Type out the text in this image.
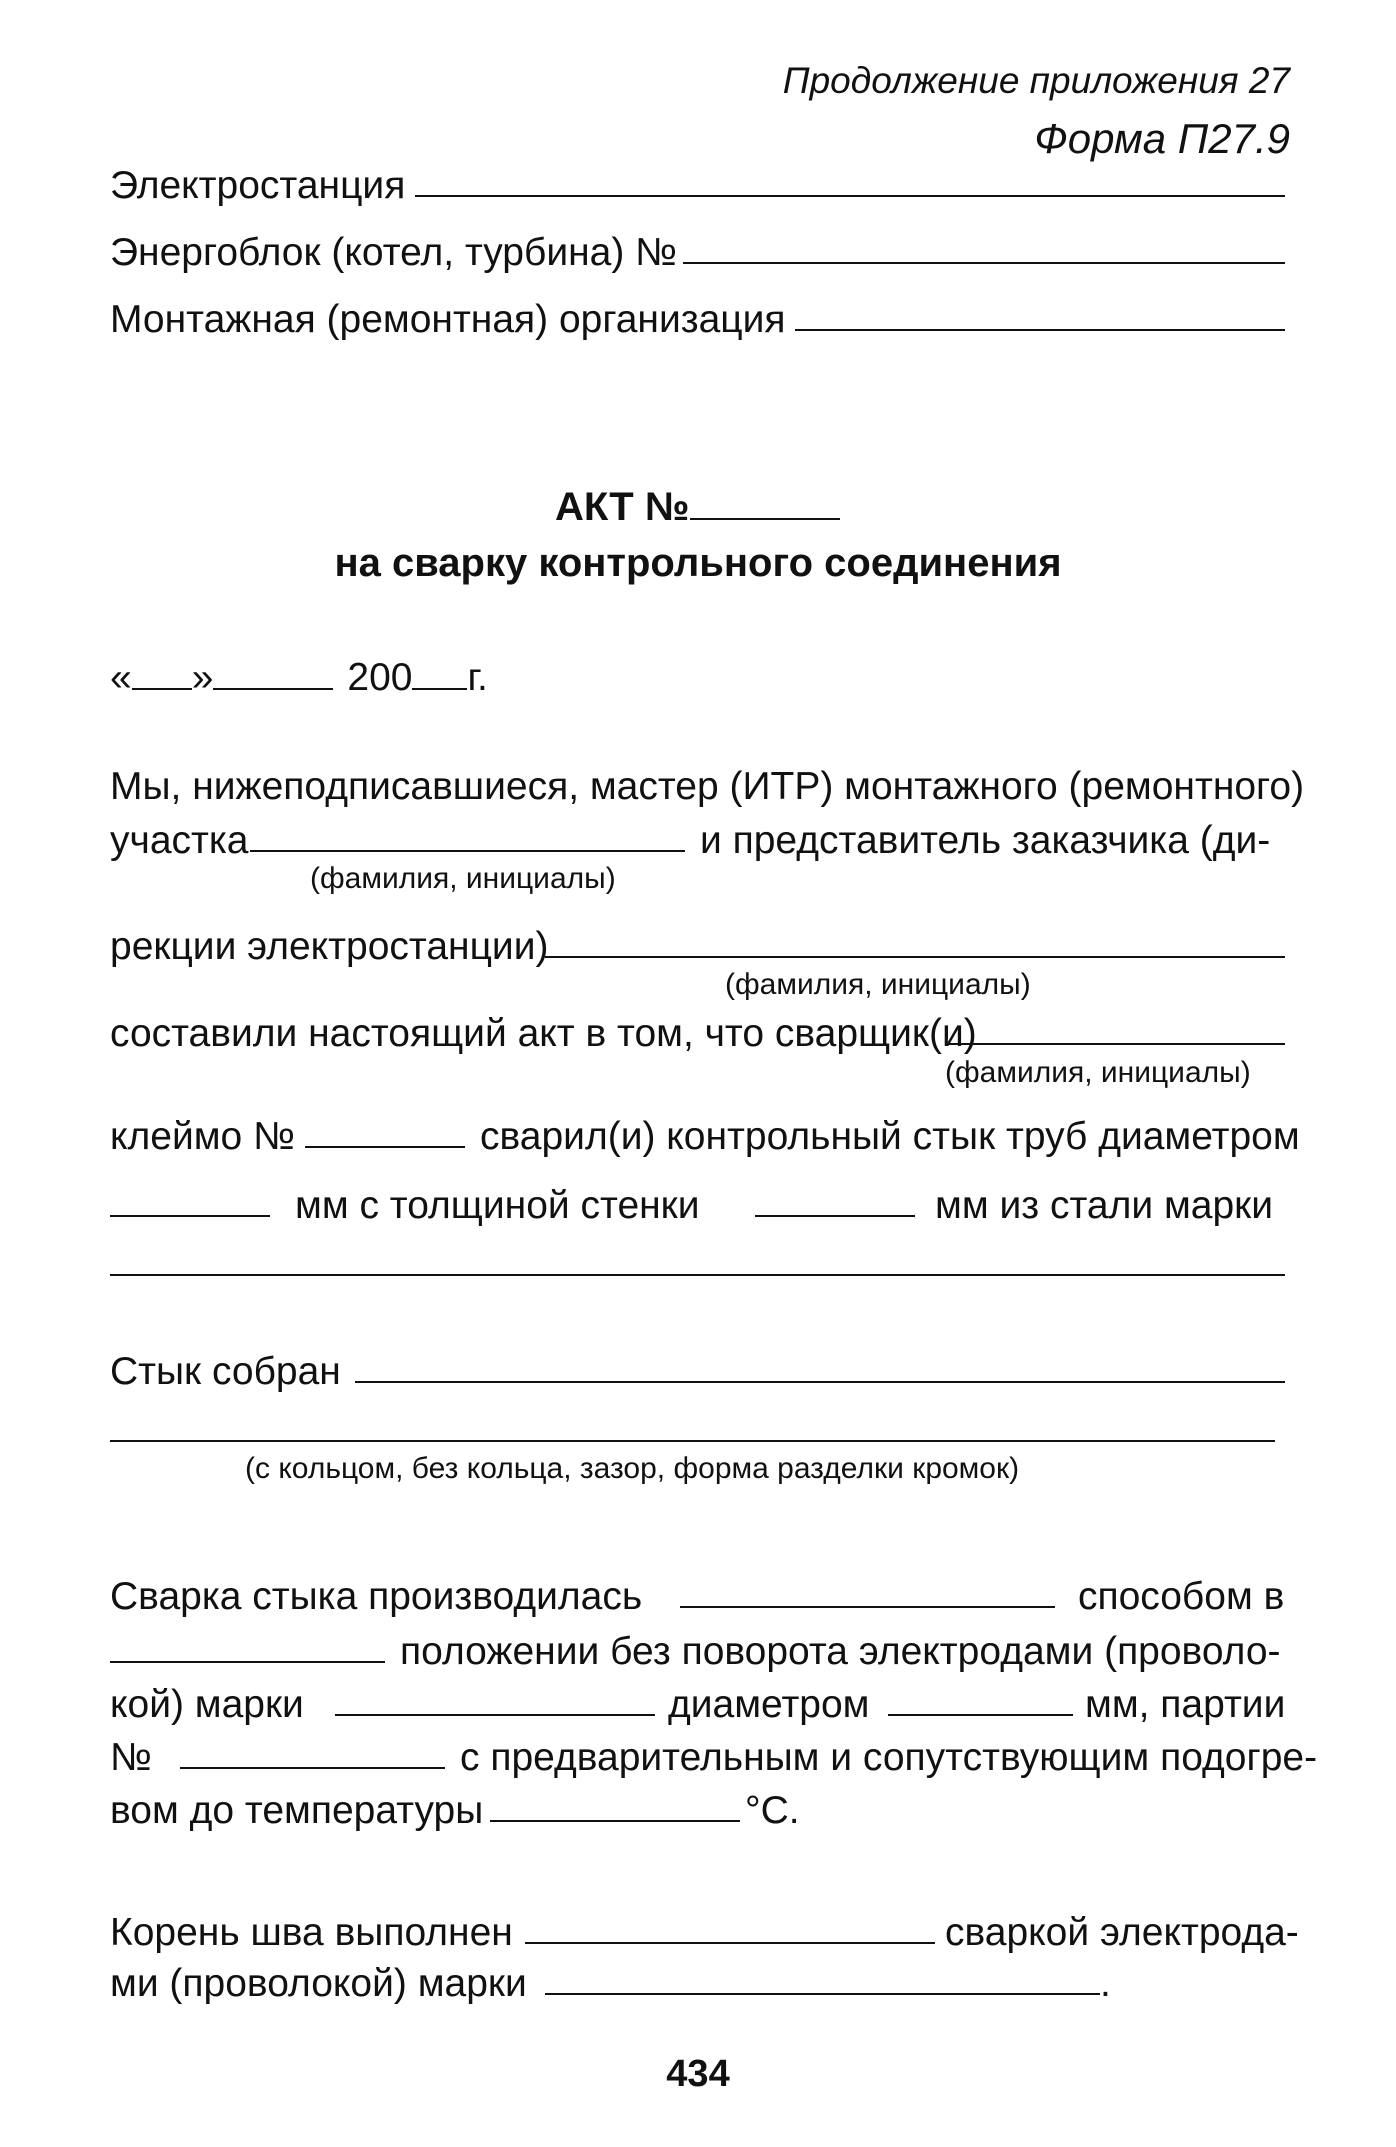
Продолжение приложения 27
Форма П27.9
Электростанция
Энергоблок (котел, турбина) №
Монтажная (ремонтная) организация
АКТ №
на сварку контрольного соединения
« »	200 г.
Мы, нижеподписавшиеся, мастер (ИТР) монтажного (ремонтного)
участка	и представитель заказчика (ди-
(фамилия, инициалы)
рекции электростанции)
(фамилия, инициалы)
составили настоящий акт в том, что сварщик(и)
(фамилия, инициалы)
клеймо №	сварил(и) контрольный стык труб диаметром
мм с толщиной стенки	мм из стали марки
Стык собран
(с кольцом, без кольца, зазор, форма разделки кромок)
Сварка стыка производилась	способом в
положении без поворота электродами (проволо-
кой) марки	диаметром	мм, партии
№	с предварительным и сопутствующим подогре-
вом до температуры	°С.
Корень шва выполнен	сваркой электрода-
ми (проволокой) марки	.
434
